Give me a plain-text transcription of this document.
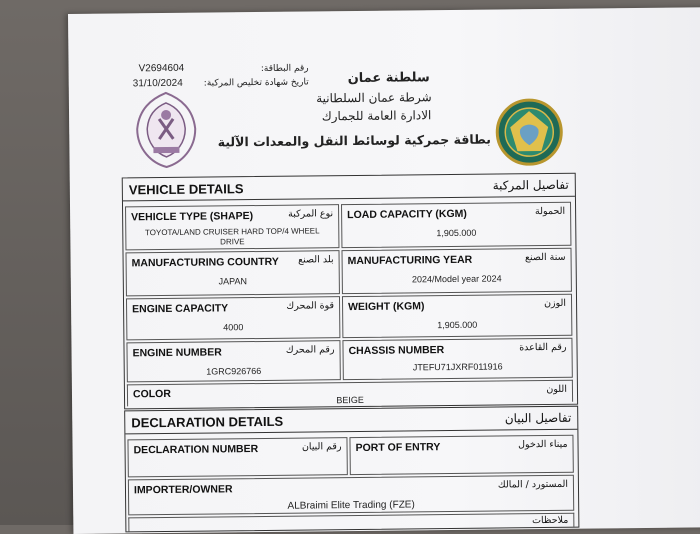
V2694604
31/10/2024
رقم البطاقة:
تاريخ شهادة تخليص المركبة:	سلطنة عمان
شرطة عمان السلطانية
الادارة العامة للجمارك
بطاقة جمركية لوسائط النقل والمعدات الآلية
VEHICLE DETAILS	تفاصيل المركبة
VEHICLE TYPE (SHAPE)	نوع المركبة
TOYOTA/LAND CRUISER HARD TOP/4 WHEEL
DRIVE
LOAD CAPACITY (KGM)	الحمولة
1,905.000
MANUFACTURING COUNTRY بلد الصنع
JAPAN
MANUFACTURING YEAR	سنة الصنع
2024/Model year 2024
ENGINE CAPACITY	قوة المحرك
4000
WEIGHT (KGM)	الوزن
1,905.000
ENGINE NUMBER	رقم المحرك
1GRC926766
CHASSIS NUMBER	رقم القاعدة
JTEFU71JXRF011916
COLOR	اللون
BEIGE
DECLARATION DETAILS	تفاصيل البيان
DECLARATION NUMBER	رقم البيان PORT OF ENTRY	ميناء الدخول
IMPORTER/OWNER	المستورد / المالك
ALBraimi Elite Trading (FZE)
ملاحظات
